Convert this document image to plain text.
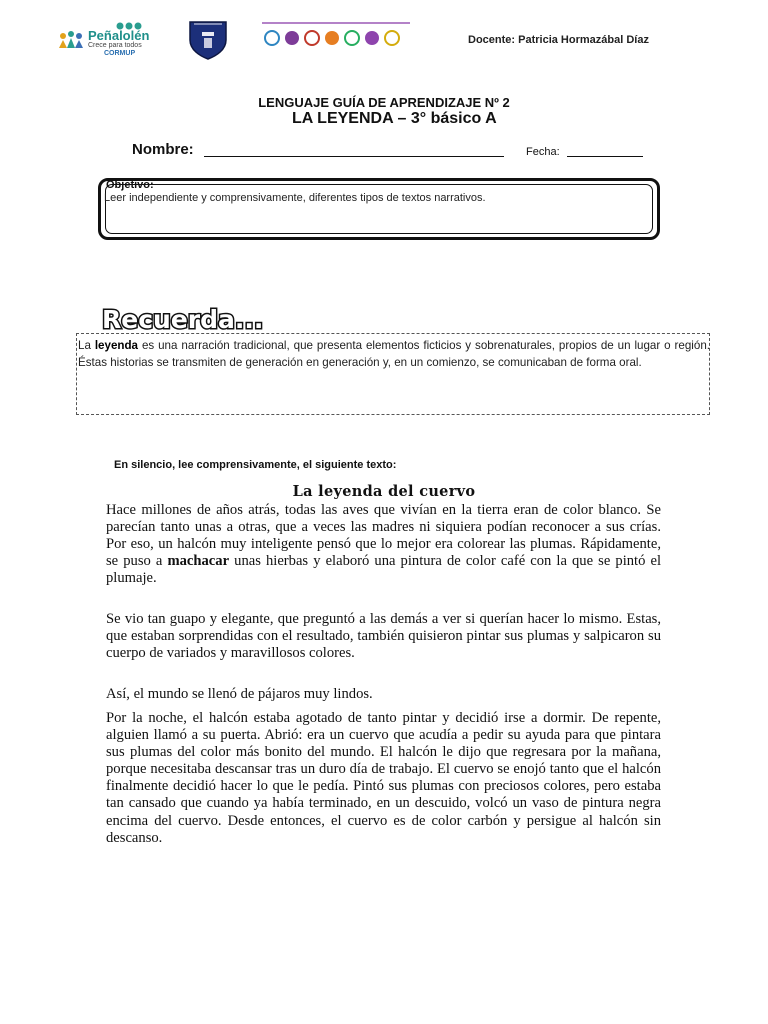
Peñalolén
Crece para todos
CORMUP
Docente: Patricia Hormazábal Díaz
LENGUAJE GUÍA DE APRENDIZAJE Nº 2
LA LEYENDA – 3° básico A
Nombre:	Fecha:
Objetivo:
Leer independiente y comprensivamente, diferentes tipos de textos narrativos.
Recuerda...
La leyenda es una narración tradicional, que presenta elementos ficticios y sobrenaturales, propios de un lugar o región. Éstas historias se transmiten de generación en generación y, en un comienzo, se comunicaban de forma oral.
En silencio, lee comprensivamente, el siguiente texto:
La leyenda del cuervo
Hace millones de años atrás, todas las aves que vivían en la tierra eran de color blanco. Se parecían tanto unas a otras, que a veces las madres ni siquiera podían reconocer a sus crías. Por eso, un halcón muy inteligente pensó que lo mejor era colorear las plumas. Rápidamente, se puso a machacar unas hierbas y elaboró una pintura de color café con la que se pintó el plumaje.
Se vio tan guapo y elegante, que preguntó a las demás a ver si querían hacer lo mismo. Estas, que estaban sorprendidas con el resultado, también quisieron pintar sus plumas y salpicaron su cuerpo de variados y maravillosos colores.
Así, el mundo se llenó de pájaros muy lindos.
Por la noche, el halcón estaba agotado de tanto pintar y decidió irse a dormir. De repente, alguien llamó a su puerta. Abrió: era un cuervo que acudía a pedir su ayuda para que pintara sus plumas del color más bonito del mundo. El halcón le dijo que regresara por la mañana, porque necesitaba descansar tras un duro día de trabajo. El cuervo se enojó tanto que el halcón finalmente decidió hacer lo que le pedía. Pintó sus plumas con preciosos colores, pero estaba tan cansado que cuando ya había terminado, en un descuido, volcó un vaso de pintura negra encima del cuervo. Desde entonces, el cuervo es de color carbón y persigue al halcón sin descanso.
